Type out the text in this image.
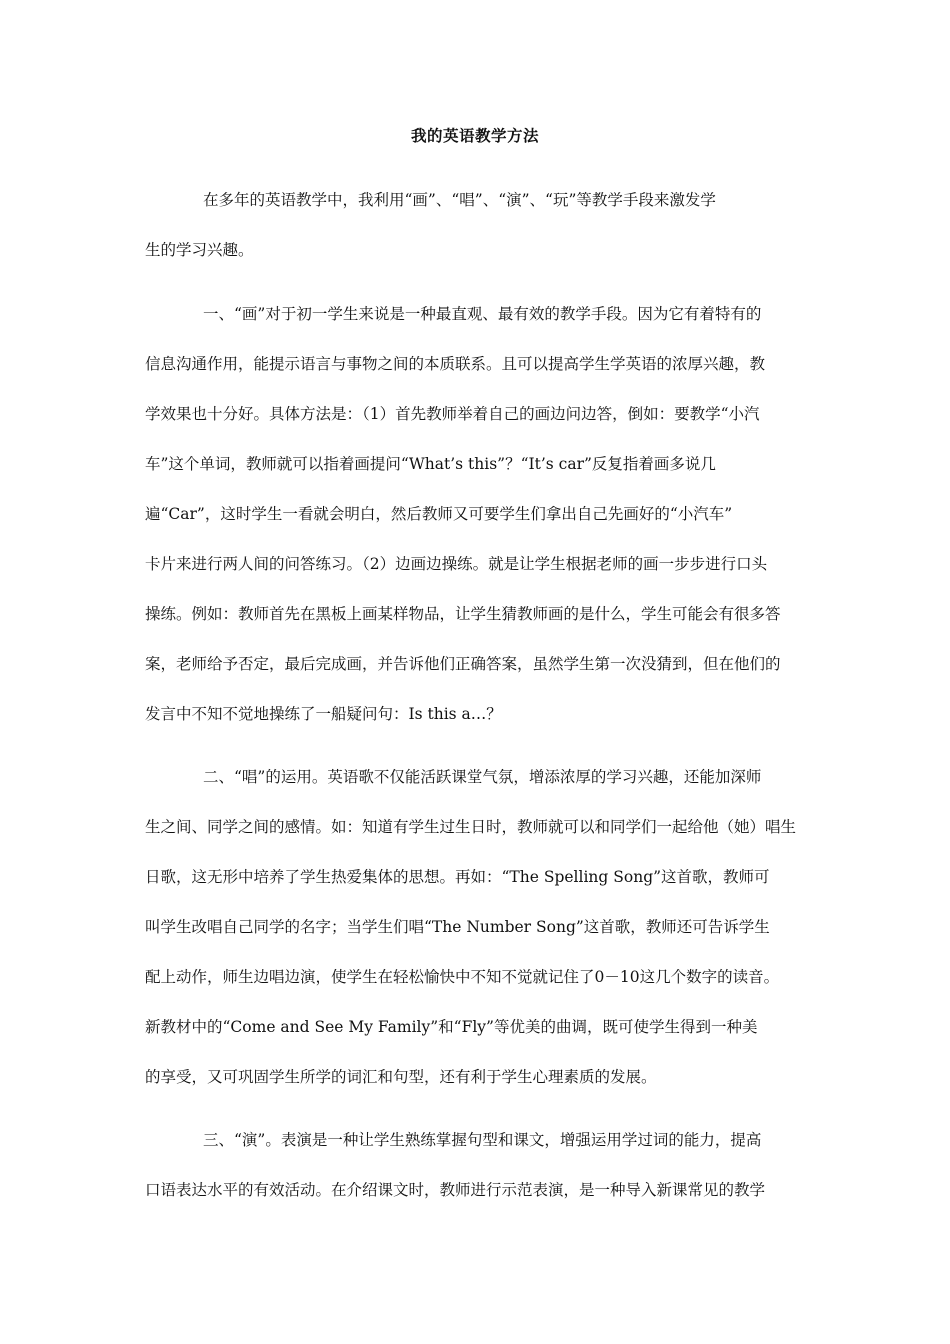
我的英语教学方法
在多年的英语教学中，我利用“画”、“唱”、“演”、“玩”等教学手段来激发学
生的学习兴趣。
一、“画”对于初一学生来说是一种最直观、最有效的教学手段。因为它有着特有的
信息沟通作用，能提示语言与事物之间的本质联系。且可以提高学生学英语的浓厚兴趣，教
学效果也十分好。具体方法是：（1）首先教师举着自己的画边问边答，倒如：要教学“小汽
车”这个单词，教师就可以指着画提问“What’s this”？“It’s car”反复指着画多说几
遍“Car”，这时学生一看就会明白，然后教师又可要学生们拿出自己先画好的“小汽车”
卡片来进行两人间的问答练习。（2）边画边操练。就是让学生根据老师的画一步步进行口头
操练。例如：教师首先在黑板上画某样物品，让学生猜教师画的是什么，学生可能会有很多答
案，老师给予否定，最后完成画，并告诉他们正确答案，虽然学生第一次没猜到，但在他们的
发言中不知不觉地操练了一船疑问句：Is this a…？
二、“唱”的运用。英语歌不仅能活跃课堂气氛，增添浓厚的学习兴趣，还能加深师
生之间、同学之间的感情。如：知道有学生过生日时，教师就可以和同学们一起给他（她）唱生
日歌，这无形中培养了学生热爱集体的思想。再如：“The Spelling Song”这首歌，教师可
叫学生改唱自己同学的名字；当学生们唱“The Number Song”这首歌，教师还可告诉学生
配上动作，师生边唱边演，使学生在轻松愉快中不知不觉就记住了0－10这几个数字的读音。
新教材中的“Come and See My Family”和“Fly”等优美的曲调，既可使学生得到一种美
的享受，又可巩固学生所学的词汇和句型，还有利于学生心理素质的发展。
三、“演”。表演是一种让学生熟练掌握句型和课文，增强运用学过词的能力，提高
口语表达水平的有效活动。在介绍课文时，教师进行示范表演，是一种导入新课常见的教学
